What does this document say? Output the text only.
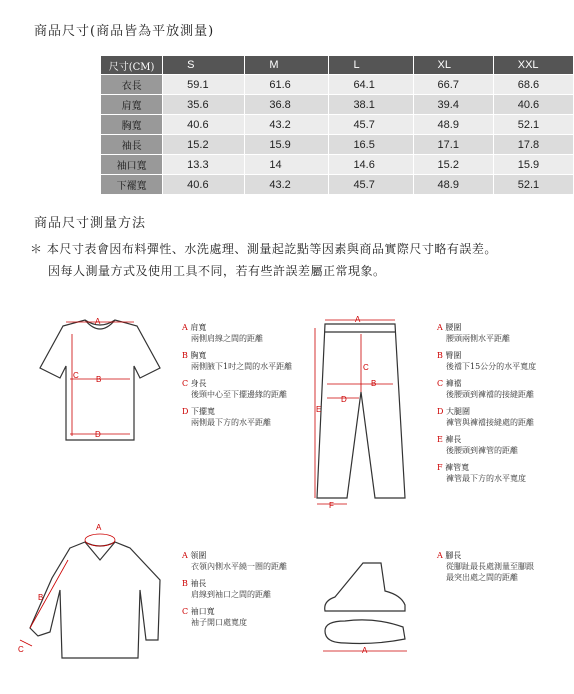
商品尺寸(商品皆為平放測量)
尺寸(CM)	S	M	L	XL	XXL
衣長	59.1	61.6	64.1	66.7	68.6
肩寬	35.6	36.8	38.1	39.4	40.6
胸寬	40.6	43.2	45.7	48.9	52.1
袖長	15.2	15.9	16.5	17.1	17.8
袖口寬	13.3	14	14.6	15.2	15.9
下襬寬	40.6	43.2	45.7	48.9	52.1
商品尺寸測量方法
＊ 本尺寸表會因布料彈性、水洗處理、測量起訖點等因素與商品實際尺寸略有誤差。
因每人測量方式及使用工具不同，若有些許誤差屬正常現象。
A
B
C
D
A 肩寬
兩側肩線之間的距離
B 胸寬
兩側腋下1吋之間的水平距離
C 身長
後頸中心至下擺邊緣的距離
D 下擺寬
兩側最下方的水平距離
A
B
C
D
E
F
A 腰圍
腰頭兩側水平距離
B 臀圍
後襠下15公分的水平寬度
C 褲襠
後腰頭到褲襠的接縫距離
D 大腿圍
褲管與褲襠接縫處的距離
E 褲長
後腰頭到褲管的距離
F 褲管寬
褲管最下方的水平寬度
A
B
C
A 領圍
衣領內側水平繞一圈的距離
B 袖長
肩線到袖口之間的距離
C 袖口寬
袖子開口處寬度
A
A 腳長
從腳趾最長處測量至腳跟
最突出處之間的距離
